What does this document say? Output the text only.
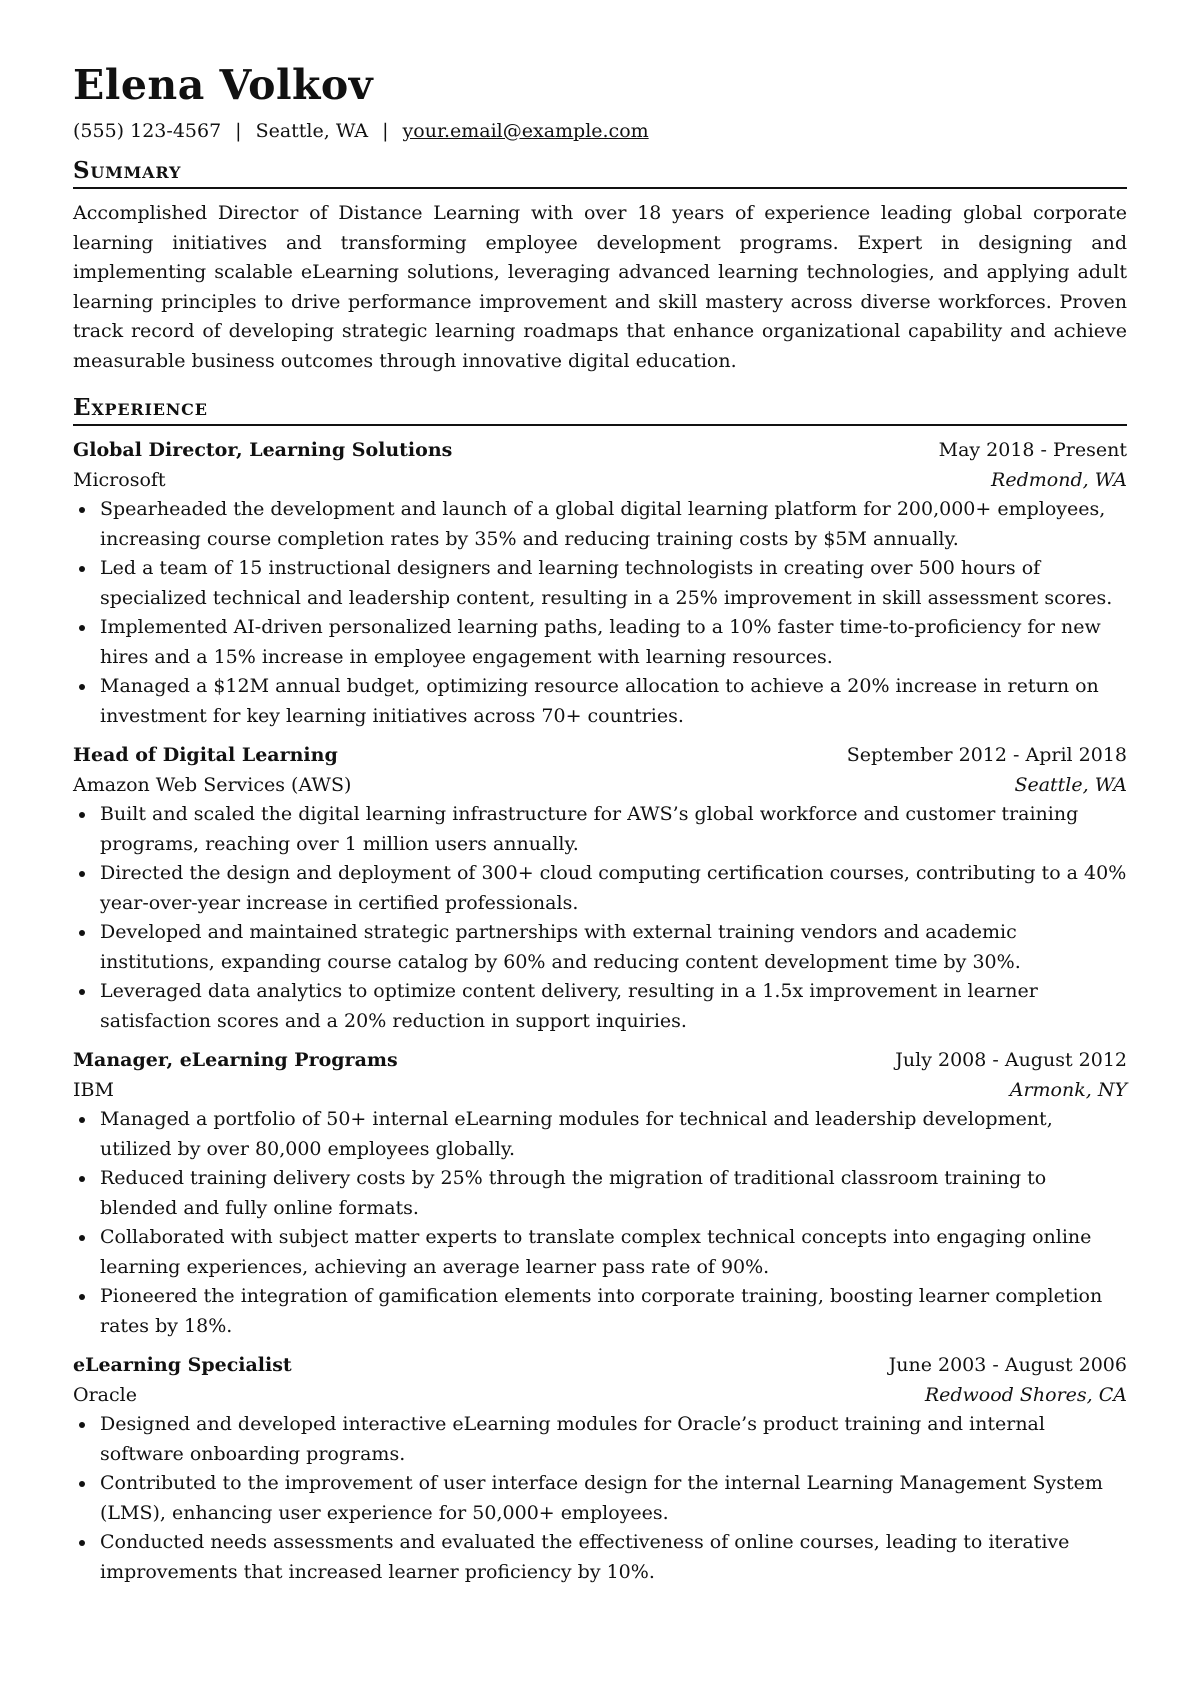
Elena Volkov
(555) 123-4567 | Seattle, WA | your.email@example.com
Summary
Accomplished Director of Distance Learning with over 18 years of experience leading global corporate learning initiatives and transforming employee development programs. Expert in designing and implementing scalable eLearning solutions, leveraging advanced learning technologies, and applying adult learning principles to drive performance improvement and skill mastery across diverse workforces. Proven track record of developing strategic learning roadmaps that enhance organizational capability and achieve measurable business outcomes through innovative digital education.
Experience
Global Director, Learning Solutions	May 2018 - Present
Microsoft	Redmond, WA
Spearheaded the development and launch of a global digital learning platform for 200,000+ employees, increasing course completion rates by 35% and reducing training costs by $5M annually.
Led a team of 15 instructional designers and learning technologists in creating over 500 hours of specialized technical and leadership content, resulting in a 25% improvement in skill assessment scores.
Implemented AI-driven personalized learning paths, leading to a 10% faster time-to-proficiency for new hires and a 15% increase in employee engagement with learning resources.
Managed a $12M annual budget, optimizing resource allocation to achieve a 20% increase in return on investment for key learning initiatives across 70+ countries.
Head of Digital Learning	September 2012 - April 2018
Amazon Web Services (AWS)	Seattle, WA
Built and scaled the digital learning infrastructure for AWS’s global workforce and customer training programs, reaching over 1 million users annually.
Directed the design and deployment of 300+ cloud computing certification courses, contributing to a 40% year-over-year increase in certified professionals.
Developed and maintained strategic partnerships with external training vendors and academic institutions, expanding course catalog by 60% and reducing content development time by 30%.
Leveraged data analytics to optimize content delivery, resulting in a 1.5x improvement in learner satisfaction scores and a 20% reduction in support inquiries.
Manager, eLearning Programs	July 2008 - August 2012
IBM	Armonk, NY
Managed a portfolio of 50+ internal eLearning modules for technical and leadership development, utilized by over 80,000 employees globally.
Reduced training delivery costs by 25% through the migration of traditional classroom training to blended and fully online formats.
Collaborated with subject matter experts to translate complex technical concepts into engaging online learning experiences, achieving an average learner pass rate of 90%.
Pioneered the integration of gamification elements into corporate training, boosting learner completion rates by 18%.
eLearning Specialist	June 2003 - August 2006
Oracle	Redwood Shores, CA
Designed and developed interactive eLearning modules for Oracle’s product training and internal software onboarding programs.
Contributed to the improvement of user interface design for the internal Learning Management System (LMS), enhancing user experience for 50,000+ employees.
Conducted needs assessments and evaluated the effectiveness of online courses, leading to iterative improvements that increased learner proficiency by 10%.
